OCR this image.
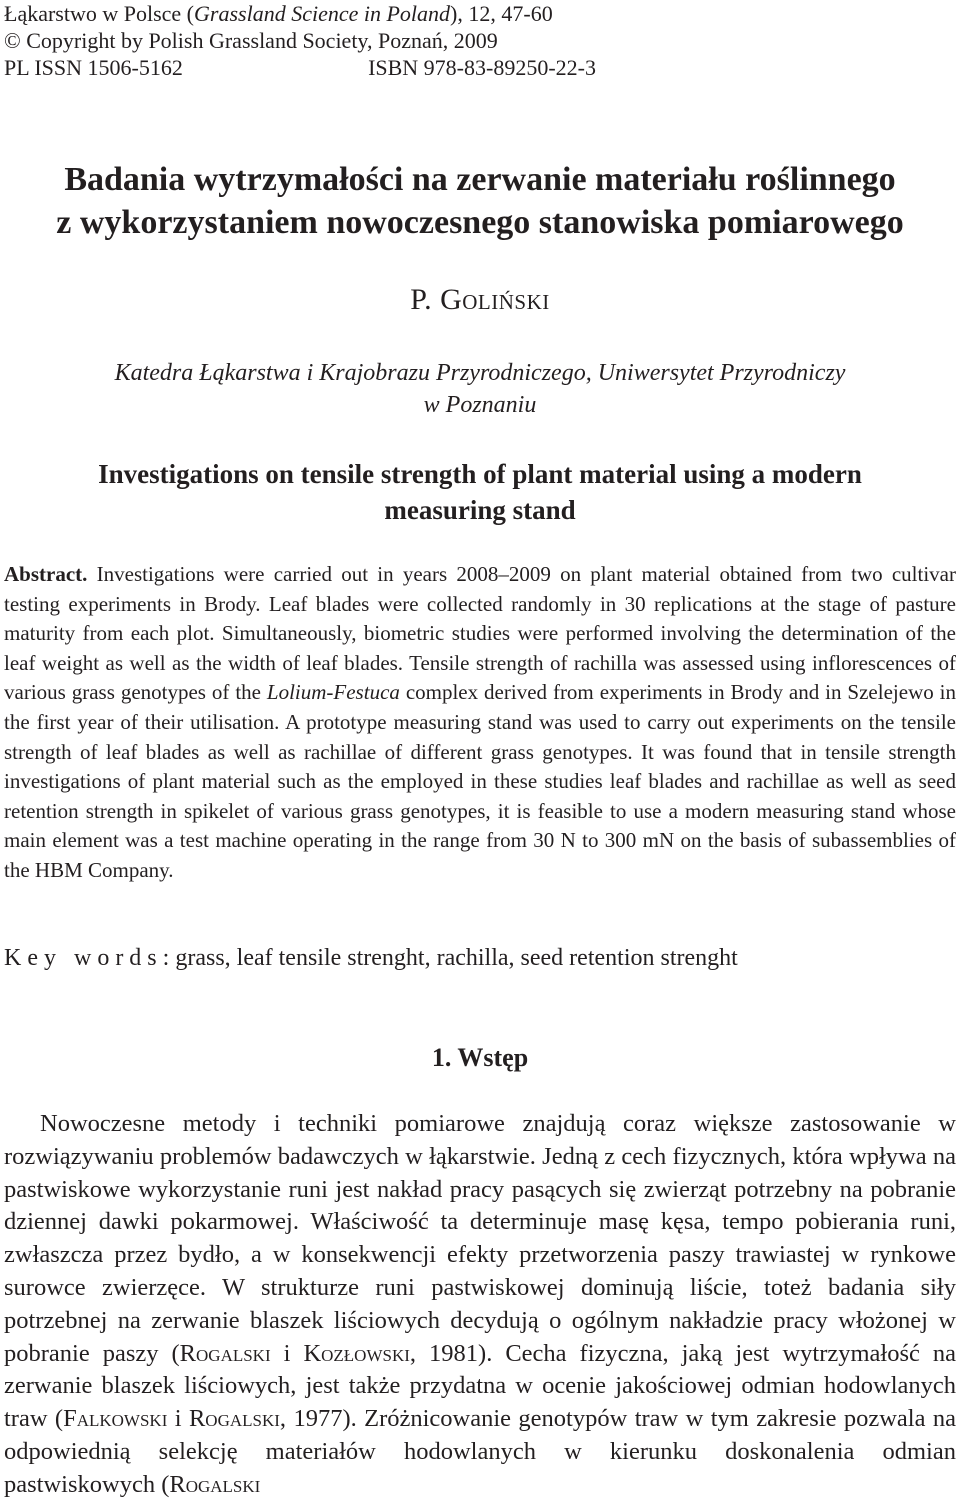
Łąkarstwo w Polsce (Grassland Science in Poland), 12, 47-60
© Copyright by Polish Grassland Society, Poznań, 2009
PL ISSN 1506-5162	ISBN 978-83-89250-22-3
Badania wytrzymałości na zerwanie materiału roślinnego
z wykorzystaniem nowoczesnego stanowiska pomiarowego
P. Goliński
Katedra Łąkarstwa i Krajobrazu Przyrodniczego, Uniwersytet Przyrodniczy
w Poznaniu
Investigations on tensile strength of plant material using a modern
measuring stand
Abstract. Investigations were carried out in years 2008–2009 on plant material obtained from two cultivar testing experiments in Brody. Leaf blades were collected randomly in 30 replications at the stage of pasture maturity from each plot. Simultaneously, biometric studies were performed involving the determination of the leaf weight as well as the width of leaf blades. Tensile strength of rachilla was assessed using inflorescences of various grass genotypes of the Lolium-Festuca complex derived from experiments in Brody and in Szelejewo in the first year of their utilisation. A prototype measuring stand was used to carry out experiments on the tensile strength of leaf blades as well as rachillae of different grass genotypes. It was found that in tensile strength investigations of plant material such as the employed in these studies leaf blades and rachillae as well as seed retention strength in spikelet of various grass genotypes, it is feasible to use a modern measuring stand whose main element was a test machine operating in the range from 30 N to 300 mN on the basis of subassemblies of the HBM Company.
Key words: grass, leaf tensile strenght, rachilla, seed retention strenght
1. Wstęp
Nowoczesne metody i techniki pomiarowe znajdują coraz większe zastosowanie w rozwiązywaniu problemów badawczych w łąkarstwie. Jedną z cech fizycznych, która wpływa na pastwiskowe wykorzystanie runi jest nakład pracy pasących się zwierząt potrzebny na pobranie dziennej dawki pokarmowej. Właściwość ta determinuje masę kęsa, tempo pobierania runi, zwłaszcza przez bydło, a w konsekwencji efekty przetworzenia paszy trawiastej w rynkowe surowce zwierzęce. W strukturze runi pastwiskowej dominują liście, toteż badania siły potrzebnej na zerwanie blaszek liściowych decydują o ogólnym nakładzie pracy włożonej w pobranie paszy (Rogalski i Kozłowski, 1981). Cecha fizyczna, jaką jest wytrzymałość na zerwanie blaszek liściowych, jest także przydatna w ocenie jakościowej odmian hodowlanych traw (Falkowski i Rogalski, 1977). Zróżnicowanie genotypów traw w tym zakresie pozwala na odpowiednią selekcję materiałów hodowlanych w kierunku doskonalenia odmian pastwiskowych (Rogalski
